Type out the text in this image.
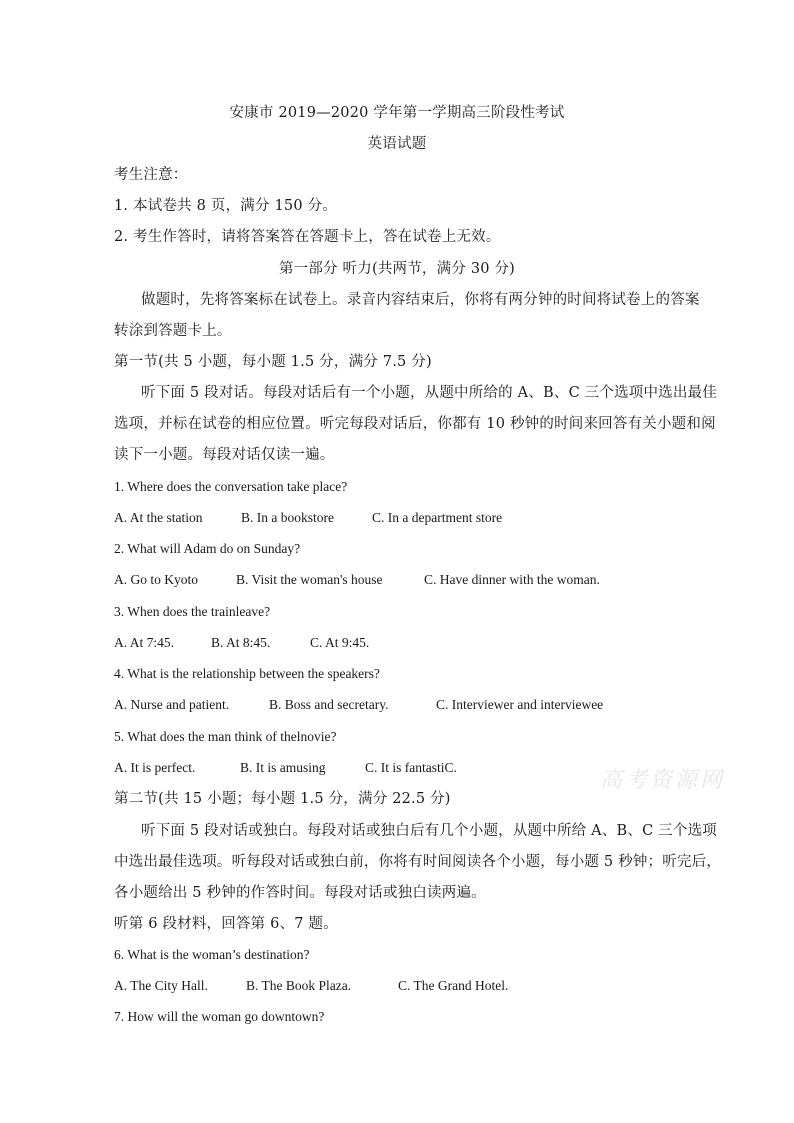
安康市 2019—2020 学年第一学期高三阶段性考试
英语试题
考生注意：
1. 本试卷共 8 页，满分 150 分。
2. 考生作答时，请将答案答在答题卡上，答在试卷上无效。
第一部分 听力(共两节，满分 30 分)
做题时，先将答案标在试卷上。录音内容结束后，你将有两分钟的时间将试卷上的答案
转涂到答题卡上。
第一节(共 5 小题，每小题 1.5 分，满分 7.5 分)
听下面 5 段对话。每段对话后有一个小题，从题中所给的 A、B、C 三个选项中选出最佳
选项，并标在试卷的相应位置。听完每段对话后，你都有 10 秒钟的时间来回答有关小题和阅
读下一小题。每段对话仅读一遍。
1. Where does the conversation take place?
A. At the station	B. In a bookstore	C. In a department store
2. What will Adam do on Sunday?
A. Go to Kyoto	B. Visit the woman's house	C. Have dinner with the woman.
3. When does the trainleave?
A. At 7:45.	B. At 8:45.	C. At 9:45.
4. What is the relationship between the speakers?
A. Nurse and patient.	B. Boss and secretary.	C. Interviewer and interviewee
5. What does the man think of thelnovie?
A. It is perfect.	B. It is amusing	C. It is fantastiC.
高考资源网
第二节(共 15 小题；每小题 1.5 分，满分 22.5 分)
听下面 5 段对话或独白。每段对话或独白后有几个小题，从题中所给 A、B、C 三个选项
中选出最佳选项。听每段对话或独白前，你将有时间阅读各个小题，每小题 5 秒钟；听完后，
各小题给出 5 秒钟的作答时间。每段对话或独白读两遍。
听第 6 段材料，回答第 6、7 题。
6. What is the woman’s destination?
A. The City Hall.	B. The Book Plaza.	C. The Grand Hotel.
7. How will the woman go downtown?
